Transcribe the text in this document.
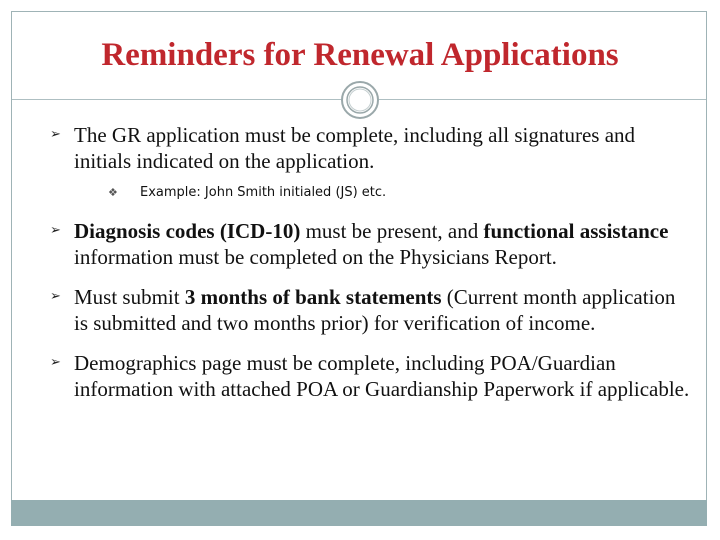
Reminders for Renewal Applications
➢ The GR application must be complete, including all signatures and initials indicated on the application.
❖ Example: John Smith initialed (JS) etc.
➢ Diagnosis codes (ICD-10) must be present, and functional assistance information must be completed on the Physicians Report.
➢ Must submit 3 months of bank statements (Current month application is submitted and two months prior) for verification of income.
➢ Demographics page must be complete, including POA/Guardian information with attached POA or Guardianship Paperwork if applicable.
